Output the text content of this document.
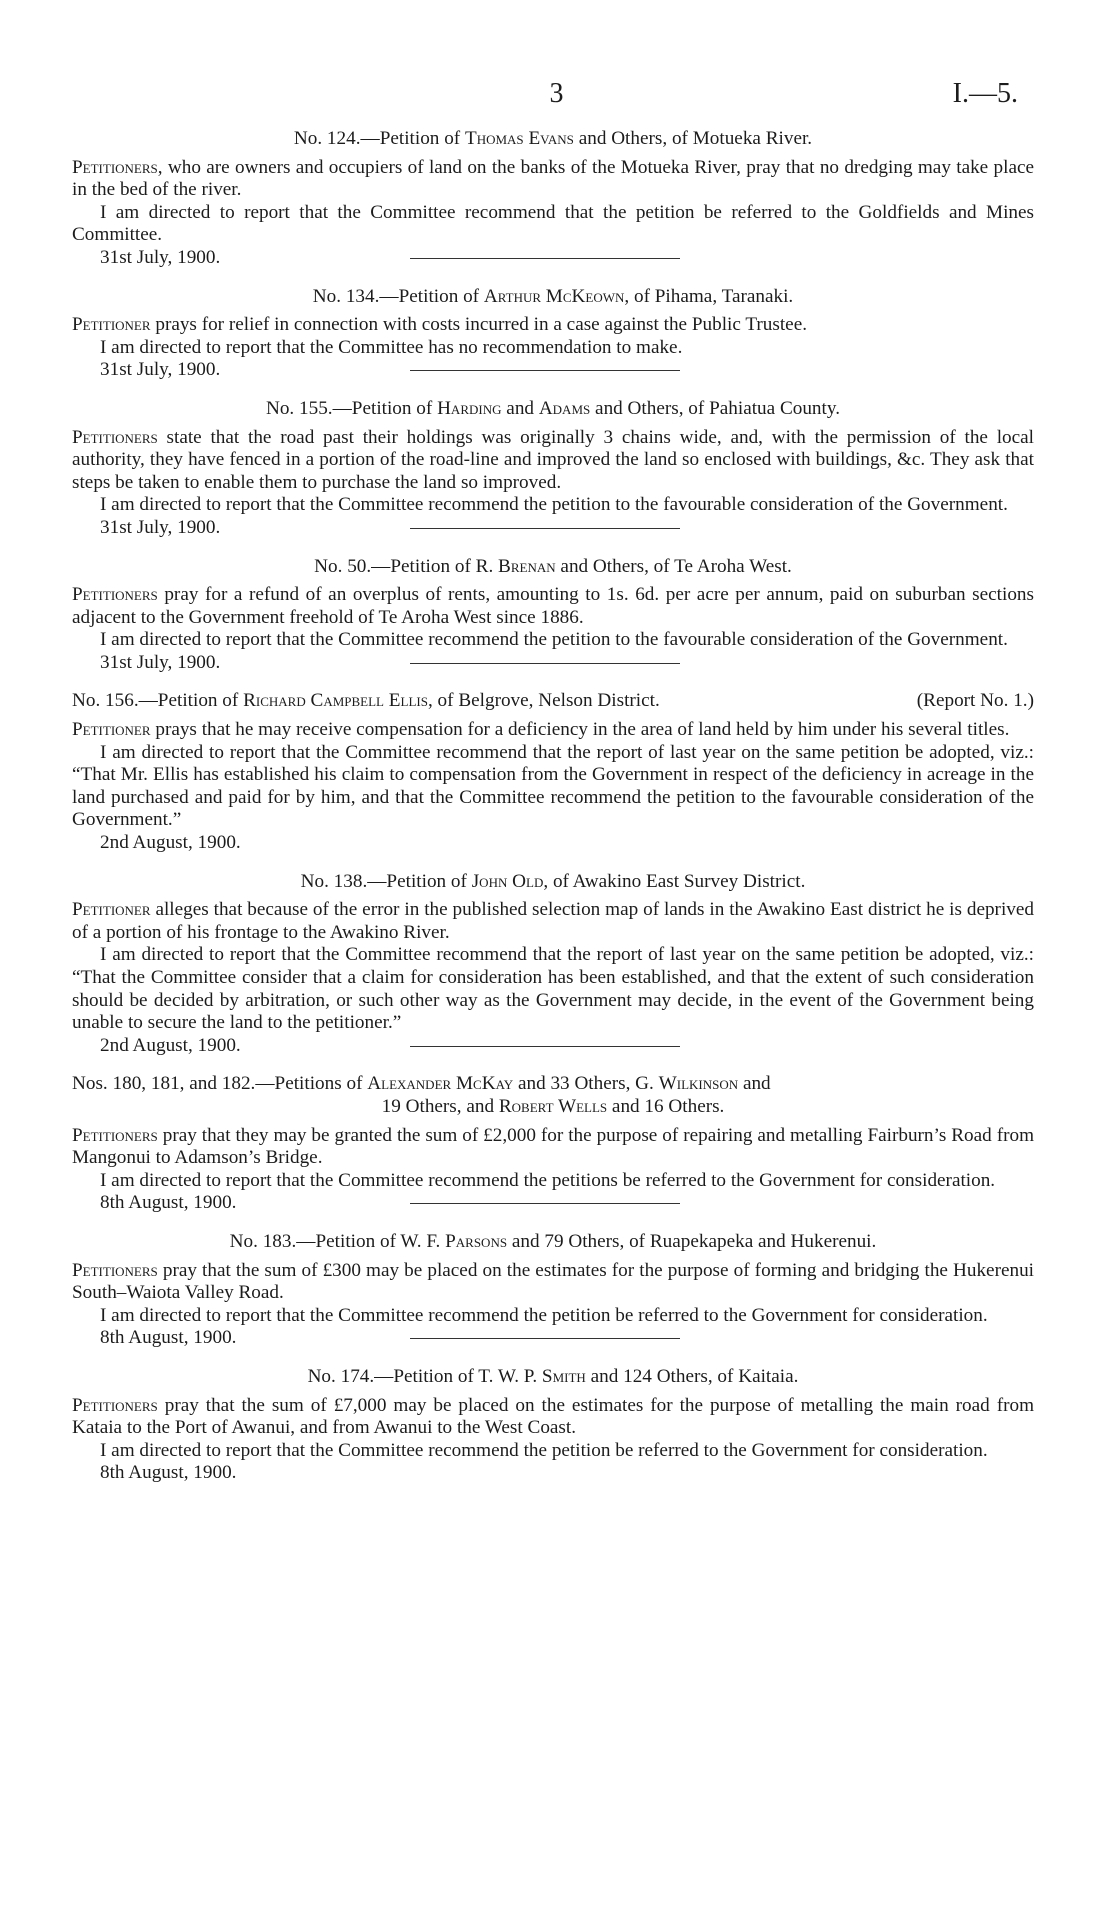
3	I.—5.
No. 124.—Petition of Thomas Evans and Others, of Motueka River.

Petitioners, who are owners and occupiers of land on the banks of the Motueka River, pray that no dredging may take place in the bed of the river.

I am directed to report that the Committee recommend that the petition be referred to the Goldfields and Mines Committee.

31st July, 1900.
No. 134.—Petition of Arthur McKeown, of Pihama, Taranaki.

Petitioner prays for relief in connection with costs incurred in a case against the Public Trustee.

I am directed to report that the Committee has no recommendation to make.

31st July, 1900.
No. 155.—Petition of Harding and Adams and Others, of Pahiatua County.

Petitioners state that the road past their holdings was originally 3 chains wide, and, with the permission of the local authority, they have fenced in a portion of the road-line and improved the land so enclosed with buildings, &c. They ask that steps be taken to enable them to purchase the land so improved.

I am directed to report that the Committee recommend the petition to the favourable consideration of the Government.

31st July, 1900.
No. 50.—Petition of R. Brenan and Others, of Te Aroha West.

Petitioners pray for a refund of an overplus of rents, amounting to 1s. 6d. per acre per annum, paid on suburban sections adjacent to the Government freehold of Te Aroha West since 1886.

I am directed to report that the Committee recommend the petition to the favourable consideration of the Government.

31st July, 1900.
No. 156.—Petition of Richard Campbell Ellis, of Belgrove, Nelson District.	(Report No. 1.)

Petitioner prays that he may receive compensation for a deficiency in the area of land held by him under his several titles.

I am directed to report that the Committee recommend that the report of last year on the same petition be adopted, viz.: “That Mr. Ellis has established his claim to compensation from the Government in respect of the deficiency in acreage in the land purchased and paid for by him, and that the Committee recommend the petition to the favourable consideration of the Government.”

2nd August, 1900.
No. 138.—Petition of John Old, of Awakino East Survey District.

Petitioner alleges that because of the error in the published selection map of lands in the Awakino East district he is deprived of a portion of his frontage to the Awakino River.

I am directed to report that the Committee recommend that the report of last year on the same petition be adopted, viz.: “That the Committee consider that a claim for consideration has been established, and that the extent of such consideration should be decided by arbitration, or such other way as the Government may decide, in the event of the Government being unable to secure the land to the petitioner.”

2nd August, 1900.
Nos. 180, 181, and 182.—Petitions of Alexander McKay and 33 Others, G. Wilkinson and
19 Others, and Robert Wells and 16 Others.

Petitioners pray that they may be granted the sum of £2,000 for the purpose of repairing and metalling Fairburn’s Road from Mangonui to Adamson’s Bridge.

I am directed to report that the Committee recommend the petitions be referred to the Government for consideration.

8th August, 1900.
No. 183.—Petition of W. F. Parsons and 79 Others, of Ruapekapeka and Hukerenui.

Petitioners pray that the sum of £300 may be placed on the estimates for the purpose of forming and bridging the Hukerenui South–Waiota Valley Road.

I am directed to report that the Committee recommend the petition be referred to the Government for consideration.

8th August, 1900.
No. 174.—Petition of T. W. P. Smith and 124 Others, of Kaitaia.

Petitioners pray that the sum of £7,000 may be placed on the estimates for the purpose of metalling the main road from Kataia to the Port of Awanui, and from Awanui to the West Coast.

I am directed to report that the Committee recommend the petition be referred to the Government for consideration.

8th August, 1900.
